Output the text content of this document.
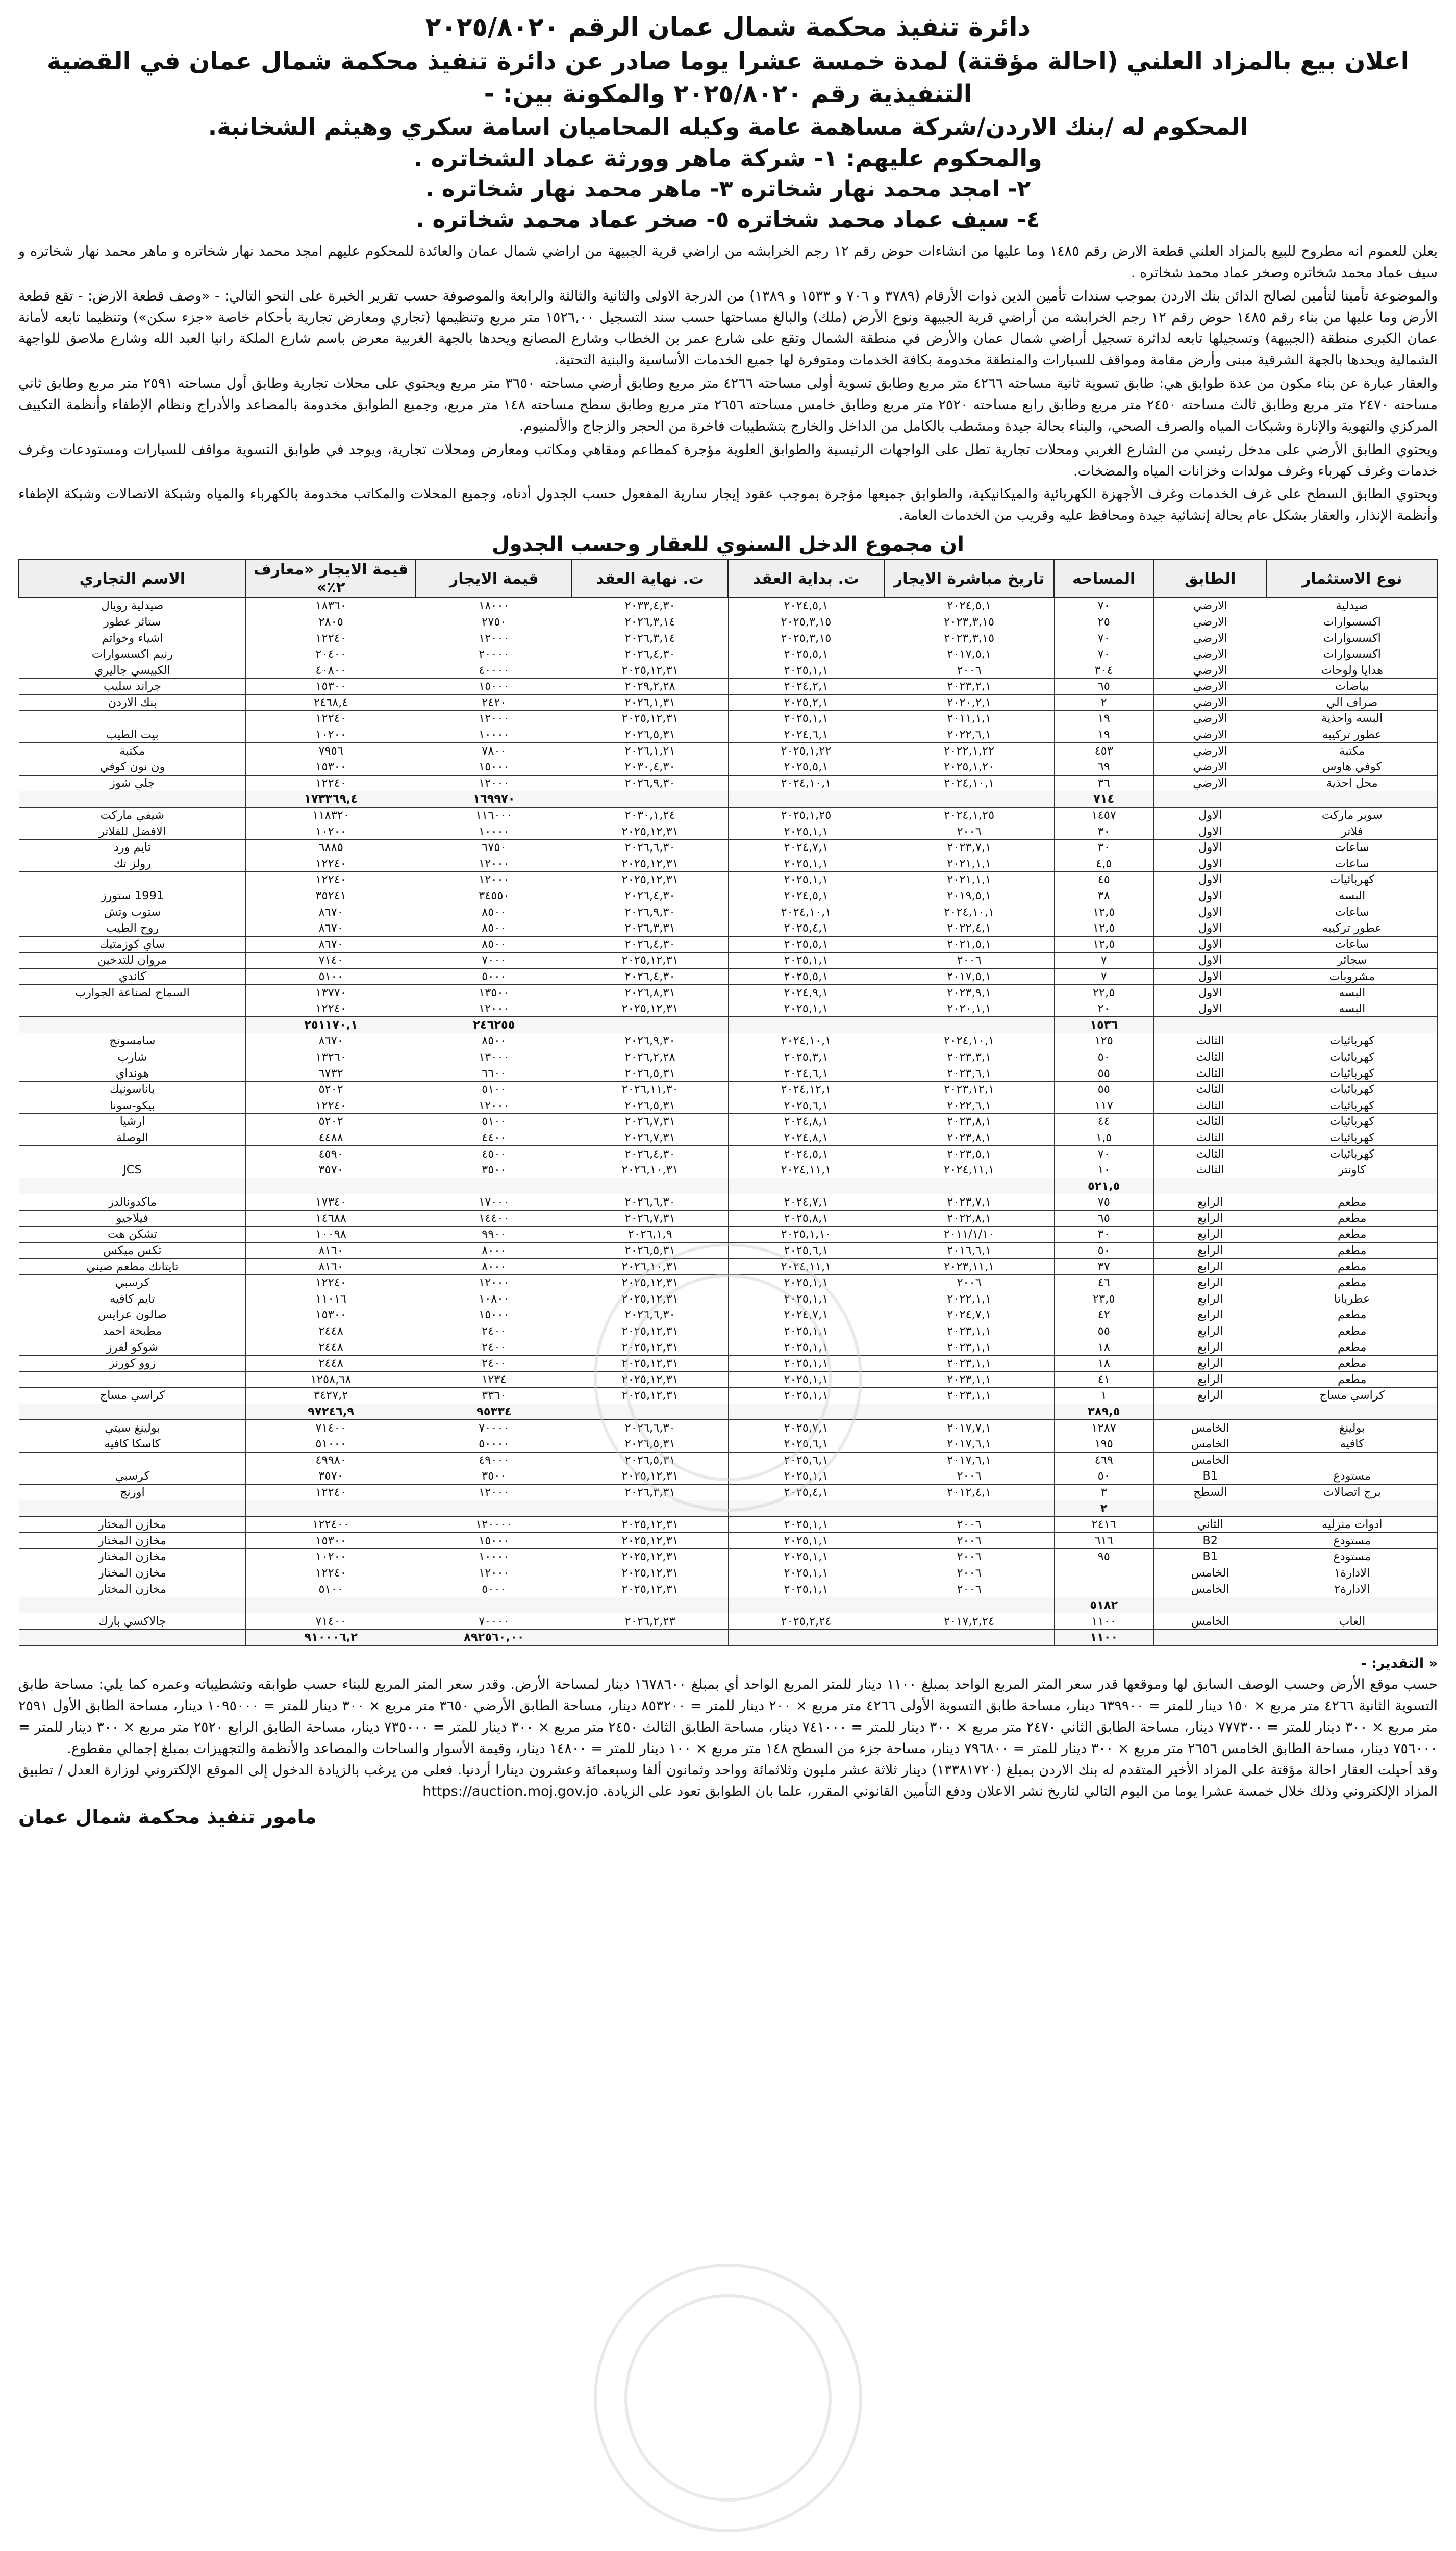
دائرة تنفيذ محكمة شمال عمان الرقم ٢٠٢٥/٨٠٢٠
اعلان بيع بالمزاد العلني (احالة مؤقتة) لمدة خمسة عشرا يوما صادر عن دائرة تنفيذ محكمة شمال عمان في القضية التنفيذية رقم ٢٠٢٥/٨٠٢٠ والمكونة بين: -
المحكوم له /بنك الاردن/شركة مساهمة عامة وكيله المحاميان اسامة سكري وهيثم الشخانبة.
والمحكوم عليهم: ١- شركة ماهر وورثة عماد الشخاتره .
٢- امجد محمد نهار شخاتره ٣- ماهر محمد نهار شخاتره .
٤- سيف عماد محمد شخاتره ٥- صخر عماد محمد شخاتره .

يعلن للعموم انه مطروح للبيع بالمزاد العلني قطعة الارض رقم ١٤٨٥ وما عليها من انشاءات حوض رقم ١٢ رجم الخرابشه من اراضي قرية الجبيهة من اراضي شمال عمان والعائدة للمحكوم عليهم امجد محمد نهار شخاتره و ماهر محمد نهار شخاتره و سيف عماد محمد شخاتره وصخر عماد محمد شخاتره .

والموضوعة تأمينا لتأمين لصالح الدائن بنك الاردن بموجب سندات تأمين الدين ذوات الأرقام (٣٧٨٩ و ٧٠٦ و ١٥٣٣ و ١٣٨٩) من الدرجة الاولى والثانية والثالثة والرابعة والموصوفة حسب تقرير الخبرة على النحو التالي: - «وصف قطعة الارض: - تقع قطعة الأرض وما عليها من بناء رقم ١٤٨٥ حوض رقم ١٢ رجم الخرابشه من أراضي قرية الجبيهة ونوع الأرض (ملك) والبالغ مساحتها حسب سند التسجيل ١٥٢٦,٠٠ متر مربع وتنظيمها (تجاري ومعارض تجارية بأحكام خاصة «جزء سكن») وتنظيما تابعه لأمانة عمان الكبرى منطقة (الجبيهة) وتسجيلها تابعه لدائرة تسجيل أراضي شمال عمان والأرض في منطقة الشمال وتقع على شارع عمر بن الخطاب وشارع المصانع ويحدها بالجهة الغربية معرض باسم شارع الملكة رانيا العبد الله وشارع ملاصق للواجهة الشمالية ويحدها بالجهة الشرقية مبنى وأرض مقامة ومواقف للسيارات والمنطقة مخدومة بكافة الخدمات ومتوفرة لها جميع الخدمات الأساسية والبنية التحتية.

والعقار عبارة عن بناء مكون من عدة طوابق هي: طابق تسوية ثانية مساحته ٤٢٦٦ متر مربع وطابق تسوية أولى مساحته ٤٢٦٦ متر مربع وطابق أرضي مساحته ٣٦٥٠ متر مربع ويحتوي على محلات تجارية وطابق أول مساحته ٢٥٩١ متر مربع وطابق ثاني مساحته ٢٤٧٠ متر مربع وطابق ثالث مساحته ٢٤٥٠ متر مربع وطابق رابع مساحته ٢٥٢٠ متر مربع وطابق خامس مساحته ٢٦٥٦ متر مربع وطابق سطح مساحته ١٤٨ متر مربع، وجميع الطوابق مخدومة بالمصاعد والأدراج ونظام الإطفاء وأنظمة التكييف المركزي والتهوية والإنارة وشبكات المياه والصرف الصحي، والبناء بحالة جيدة ومشطب بالكامل من الداخل والخارج بتشطيبات فاخرة من الحجر والزجاج والألمنيوم.

ويحتوي الطابق الأرضي على مدخل رئيسي من الشارع الغربي ومحلات تجارية تطل على الواجهات الرئيسية والطوابق العلوية مؤجرة كمطاعم ومقاهي ومكاتب ومعارض ومحلات تجارية، ويوجد في طوابق التسوية مواقف للسيارات ومستودعات وغرف خدمات وغرف كهرباء وغرف مولدات وخزانات المياه والمضخات.

ويحتوي الطابق السطح على غرف الخدمات وغرف الأجهزة الكهربائية والميكانيكية، والطوابق جميعها مؤجرة بموجب عقود إيجار سارية المفعول حسب الجدول أدناه، وجميع المحلات والمكاتب مخدومة بالكهرباء والمياه وشبكة الاتصالات وشبكة الإطفاء وأنظمة الإنذار، والعقار بشكل عام بحالة إنشائية جيدة ومحافظ عليه وقريب من الخدمات العامة.

ان مجموع الدخل السنوي للعقار وحسب الجدول
نوع الاستثمار	الطابق	المساحه	تاريخ مباشرة الايجار	ت. بداية العقد	ت. نهاية العقد	قيمة الايجار	قيمة الايجار «معارف ٢٪»	الاسم التجاري
صيدلية	الارضي	٧٠	٢٠٢٤,٥,١	٢٠٢٤,٥,١	٢٠٣٣,٤,٣٠	١٨٠٠٠	١٨٣٦٠	صيدلية رويال
اكسسوارات	الارضي	٢٥	٢٠٢٣,٣,١٥	٢٠٢٥,٣,١٥	٢٠٢٦,٣,١٤	٢٧٥٠	٢٨٠٥	ستائر عطور
اكسسوارات	الارضي	٧٠	٢٠٢٣,٣,١٥	٢٠٢٥,٣,١٥	٢٠٢٦,٣,١٤	١٢٠٠٠	١٢٢٤٠	اشياء وخواتم
اكسسوارات	الارضي	٧٠	٢٠١٧,٥,١	٢٠٢٥,٥,١	٢٠٢٦,٤,٣٠	٢٠٠٠٠	٢٠٤٠٠	رنيم اكسسوارات
هدايا ولوحات	الارضي	٣٠٤	٢٠٠٦	٢٠٢٥,١,١	٢٠٢٥,١٢,٣١	٤٠٠٠٠	٤٠٨٠٠	الكبيسي جاليري
بياضات	الارضي	٦٥	٢٠٢٣,٢,١	٢٠٢٤,٢,١	٢٠٢٩,٢,٢٨	١٥٠٠٠	١٥٣٠٠	جراند سليب
صراف الي	الارضي	٢	٢٠٢٠,٢,١	٢٠٢٥,٢,١	٢٠٢٦,١,٣١	٢٤٢٠	٢٤٦٨,٤	بنك الاردن
البسه واحذية	الارضي	١٩	٢٠١١,١,١	٢٠٢٥,١,١	٢٠٢٥,١٢,٣١	١٢٠٠٠	١٢٢٤٠	
عطور تركيبه	الارضي	١٩	٢٠٢٢,٦,١	٢٠٢٤,٦,١	٢٠٢٦,٥,٣١	١٠٠٠٠	١٠٢٠٠	بيت الطيب
مكتبة	الارضي	٤٥٣	٢٠٢٢,١,٢٢	٢٠٢٥,١,٢٢	٢٠٢٦,١,٢١	٧٨٠٠	٧٩٥٦	مكتبة
كوفي هاوس	الارضي	٦٩	٢٠٢٥,١,٢٠	٢٠٢٥,٥,١	٢٠٣٠,٤,٣٠	١٥٠٠٠	١٥٣٠٠	ون نون كوفي
محل احذية	الارضي	٣٦	٢٠٢٤,١٠,١	٢٠٢٤,١٠,١	٢٠٢٦,٩,٣٠	١٢٠٠٠	١٢٢٤٠	جلي شوز
		٧١٤				١٦٩٩٧٠	١٧٣٣٦٩,٤	
سوبر ماركت	الاول	١٤٥٧	٢٠٢٤,١,٢٥	٢٠٢٥,١,٢٥	٢٠٣٠,١,٢٤	١١٦٠٠٠	١١٨٣٢٠	شيفي ماركت
فلاتر	الاول	٣٠	٢٠٠٦	٢٠٢٥,١,١	٢٠٢٥,١٢,٣١	١٠٠٠٠	١٠٢٠٠	الافضل للفلاتر
ساعات	الاول	٣٠	٢٠٢٣,٧,١	٢٠٢٤,٧,١	٢٠٢٦,٦,٣٠	٦٧٥٠	٦٨٨٥	تايم ورد
ساعات	الاول	٤,٥	٢٠٢١,١,١	٢٠٢٥,١,١	٢٠٢٥,١٢,٣١	١٢٠٠٠	١٢٢٤٠	رولز تك
كهربائيات	الاول	٤٥	٢٠٢١,١,١	٢٠٢٥,١,١	٢٠٢٥,١٢,٣١	١٢٠٠٠	١٢٢٤٠	
البسه	الاول	٣٨	٢٠١٩,٥,١	٢٠٢٤,٥,١	٢٠٢٦,٤,٣٠	٣٤٥٥٠	٣٥٢٤١	1991 ستورز
ساعات	الاول	١٢,٥	٢٠٢٤,١٠,١	٢٠٢٤,١٠,١	٢٠٢٦,٩,٣٠	٨٥٠٠	٨٦٧٠	ستوب وتش
عطور تركيبه	الاول	١٢,٥	٢٠٢٢,٤,١	٢٠٢٥,٤,١	٢٠٢٦,٣,٣١	٨٥٠٠	٨٦٧٠	روح الطيب
ساعات	الاول	١٢,٥	٢٠٢١,٥,١	٢٠٢٥,٥,١	٢٠٢٦,٤,٣٠	٨٥٠٠	٨٦٧٠	ساي كوزمتيك
سجائر	الاول	٧	٢٠٠٦	٢٠٢٥,١,١	٢٠٢٥,١٢,٣١	٧٠٠٠	٧١٤٠	مروان للتدخين
مشروبات	الاول	٧	٢٠١٧,٥,١	٢٠٢٥,٥,١	٢٠٢٦,٤,٣٠	٥٠٠٠	٥١٠٠	كاندي
البسه	الاول	٢٢,٥	٢٠٢٣,٩,١	٢٠٢٤,٩,١	٢٠٢٦,٨,٣١	١٣٥٠٠	١٣٧٧٠	السماح لصناعة الجوارب
البسه	الاول	٢٠	٢٠٢٠,١,١	٢٠٢٥,١,١	٢٠٢٥,١٢,٣١	١٢٠٠٠	١٢٢٤٠	
		١٥٣٦				٢٤٦٢٥٥	٢٥١١٧٠,١	
كهربائيات	الثالث	١٢٥	٢٠٢٤,١٠,١	٢٠٢٤,١٠,١	٢٠٢٦,٩,٣٠	٨٥٠٠	٨٦٧٠	سامسونج
كهربائيات	الثالث	٥٠	٢٠٢٣,٣,١	٢٠٢٥,٣,١	٢٠٢٦,٢,٢٨	١٣٠٠٠	١٣٢٦٠	شارب
كهربائيات	الثالث	٥٥	٢٠٢٣,٦,١	٢٠٢٤,٦,١	٢٠٢٦,٥,٣١	٦٦٠٠	٦٧٣٢	هونداي
كهربائيات	الثالث	٥٥	٢٠٢٣,١٢,١	٢٠٢٤,١٢,١	٢٠٢٦,١١,٣٠	٥١٠٠	٥٢٠٢	باناسونيك
كهربائيات	الثالث	١١٧	٢٠٢٢,٦,١	٢٠٢٥,٦,١	٢٠٢٦,٥,٣١	١٢٠٠٠	١٢٢٤٠	بيكو-سونا
كهربائيات	الثالث	٤٤	٢٠٢٣,٨,١	٢٠٢٤,٨,١	٢٠٢٦,٧,٣١	٥١٠٠	٥٢٠٢	ارشيا
كهربائيات	الثالث	١,٥	٢٠٢٣,٨,١	٢٠٢٤,٨,١	٢٠٢٦,٧,٣١	٤٤٠٠	٤٤٨٨	الوصلة
كهربائيات	الثالث	٧٠	٢٠٢٣,٥,١	٢٠٢٤,٥,١	٢٠٢٦,٤,٣٠	٤٥٠٠	٤٥٩٠	
كاونتر	الثالث	١٠	٢٠٢٤,١١,١	٢٠٢٤,١١,١	٢٠٢٦,١٠,٣١	٣٥٠٠	٣٥٧٠	JCS
		٥٢١,٥						
مطعم	الرابع	٧٥	٢٠٢٣,٧,١	٢٠٢٤,٧,١	٢٠٢٦,٦,٣٠	١٧٠٠٠	١٧٣٤٠	ماكدونالدز
مطعم	الرابع	٦٥	٢٠٢٢,٨,١	٢٠٢٥,٨,١	٢٠٢٦,٧,٣١	١٤٤٠٠	١٤٦٨٨	فيلاجيو
مطعم	الرابع	٣٠	٢٠١١/١/١٠	٢٠٢٥,١,١٠	٢٠٢٦,١,٩	٩٩٠٠	١٠٠٩٨	تشكن هت
مطعم	الرابع	٥٠	٢٠١٦,٦,١	٢٠٢٥,٦,١	٢٠٢٦,٥,٣١	٨٠٠٠	٨١٦٠	تكس ميكس
مطعم	الرابع	٣٧	٢٠٢٣,١١,١	٢٠٢٤,١١,١	٢٠٢٦,١٠,٣١	٨٠٠٠	٨١٦٠	تايتانك مطعم صيني
مطعم	الرابع	٤٦	٢٠٠٦	٢٠٢٥,١,١	٢٠٢٥,١٢,٣١	١٢٠٠٠	١٢٢٤٠	كرسبي
عطرياتا	الرابع	٢٣,٥	٢٠٢٢,١,١	٢٠٢٥,١,١	٢٠٢٥,١٢,٣١	١٠٨٠٠	١١٠١٦	تايم كافيه
مطعم	الرابع	٤٢	٢٠٢٤,٧,١	٢٠٢٤,٧,١	٢٠٢٦,٦,٣٠	١٥٠٠٠	١٥٣٠٠	صالون عرايس
مطعم	الرابع	٥٥	٢٠٢٣,١,١	٢٠٢٥,١,١	٢٠٢٥,١٢,٣١	٢٤٠٠	٢٤٤٨	مطبخة احمد
مطعم	الرابع	١٨	٢٠٢٣,١,١	٢٠٢٥,١,١	٢٠٢٥,١٢,٣١	٢٤٠٠	٢٤٤٨	شوكو لفرز
مطعم	الرابع	١٨	٢٠٢٣,١,١	٢٠٢٥,١,١	٢٠٢٥,١٢,٣١	٢٤٠٠	٢٤٤٨	زوو كورنز
مطعم	الرابع	٤١	٢٠٢٣,١,١	٢٠٢٥,١,١	٢٠٢٥,١٢,٣١	١٢٣٤	١٢٥٨,٦٨	
كراسي مساج	الرابع	١	٢٠٢٣,١,١	٢٠٢٥,١,١	٢٠٢٥,١٢,٣١	٣٣٦٠	٣٤٢٧,٢	كراسي مساج
		٣٨٩,٥				٩٥٣٣٤	٩٧٢٤٦,٩	
بولينغ	الخامس	١٢٨٧	٢٠١٧,٧,١	٢٠٢٥,٧,١	٢٠٢٦,٦,٣٠	٧٠٠٠٠	٧١٤٠٠	بولينغ سيتي
كافيه	الخامس	١٩٥	٢٠١٧,٦,١	٢٠٢٥,٦,١	٢٠٢٦,٥,٣١	٥٠٠٠٠	٥١٠٠٠	كاسكا كافيه
	الخامس	٤٦٩	٢٠١٧,٦,١	٢٠٢٥,٦,١	٢٠٢٦,٥,٣١	٤٩٠٠٠	٤٩٩٨٠	
مستودع	B1	٥٠	٢٠٠٦	٢٠٢٥,١,١	٢٠٢٥,١٢,٣١	٣٥٠٠	٣٥٧٠	كرسبي
برج اتصالات	السطح	٣	٢٠١٢,٤,١	٢٠٢٥,٤,١	٢٠٢٦,٣,٣١	١٢٠٠٠	١٢٢٤٠	اورنج
		٢						
ادوات منزليه	الثاني	٢٤١٦	٢٠٠٦	٢٠٢٥,١,١	٢٠٢٥,١٢,٣١	١٢٠٠٠٠	١٢٢٤٠٠	مخازن المختار
مستودع	B2	٦١٦	٢٠٠٦	٢٠٢٥,١,١	٢٠٢٥,١٢,٣١	١٥٠٠٠	١٥٣٠٠	مخازن المختار
مستودع	B1	٩٥	٢٠٠٦	٢٠٢٥,١,١	٢٠٢٥,١٢,٣١	١٠٠٠٠	١٠٢٠٠	مخازن المختار
الادارة١	الخامس		٢٠٠٦	٢٠٢٥,١,١	٢٠٢٥,١٢,٣١	١٢٠٠٠	١٢٢٤٠	مخازن المختار
الادارة٢	الخامس		٢٠٠٦	٢٠٢٥,١,١	٢٠٢٥,١٢,٣١	٥٠٠٠	٥١٠٠	مخازن المختار
		٥١٨٢						
العاب	الخامس	١١٠٠	٢٠١٧,٢,٢٤	٢٠٢٥,٢,٢٤	٢٠٢٦,٢,٢٣	٧٠٠٠٠	٧١٤٠٠	جالاكسي بارك
		١١٠٠				٨٩٢٥٦٠,٠٠	٩١٠٠٠٦,٢	

« التقدير: -

حسب موقع الأرض وحسب الوصف السابق لها وموقعها قدر سعر المتر المربع الواحد بمبلغ ١١٠٠ دينار للمتر المربع الواحد أي بمبلغ ١٦٧٨٦٠٠ دينار لمساحة الأرض. وقدر سعر المتر المربع للبناء حسب طوابقه وتشطيباته وعمره كما يلي: مساحة طابق التسوية الثانية ٤٢٦٦ متر مربع × ١٥٠ دينار للمتر = ٦٣٩٩٠٠ دينار، مساحة طابق التسوية الأولى ٤٢٦٦ متر مربع × ٢٠٠ دينار للمتر = ٨٥٣٢٠٠ دينار، مساحة الطابق الأرضي ٣٦٥٠ متر مربع × ٣٠٠ دينار للمتر = ١٠٩٥٠٠٠ دينار، مساحة الطابق الأول ٢٥٩١ متر مربع × ٣٠٠ دينار للمتر = ٧٧٧٣٠٠ دينار، مساحة الطابق الثاني ٢٤٧٠ متر مربع × ٣٠٠ دينار للمتر = ٧٤١٠٠٠ دينار، مساحة الطابق الثالث ٢٤٥٠ متر مربع × ٣٠٠ دينار للمتر = ٧٣٥٠٠٠ دينار، مساحة الطابق الرابع ٢٥٢٠ متر مربع × ٣٠٠ دينار للمتر = ٧٥٦٠٠٠ دينار، مساحة الطابق الخامس ٢٦٥٦ متر مربع × ٣٠٠ دينار للمتر = ٧٩٦٨٠٠ دينار، مساحة جزء من السطح ١٤٨ متر مربع × ١٠٠ دينار للمتر = ١٤٨٠٠ دينار، وقيمة الأسوار والساحات والمصاعد والأنظمة والتجهيزات بمبلغ إجمالي مقطوع.

وقد أحيلت العقار احالة مؤقتة على المزاد الأخير المتقدم له بنك الاردن بمبلغ (١٣٣٨١٧٢٠) دينار ثلاثة عشر مليون وثلاثمائة وواحد وثمانون ألفا وسبعمائة وعشرون دينارا أردنيا. فعلى من يرغب بالزيادة الدخول إلى الموقع الإلكتروني لوزارة العدل / تطبيق المزاد الإلكتروني وذلك خلال خمسة عشرا يوما من اليوم التالي لتاريخ نشر الاعلان ودفع التأمين القانوني المقرر، علما بان الطوابق تعود على الزيادة. https://auction.moj.gov.jo

مامور تنفيذ محكمة شمال عمان
